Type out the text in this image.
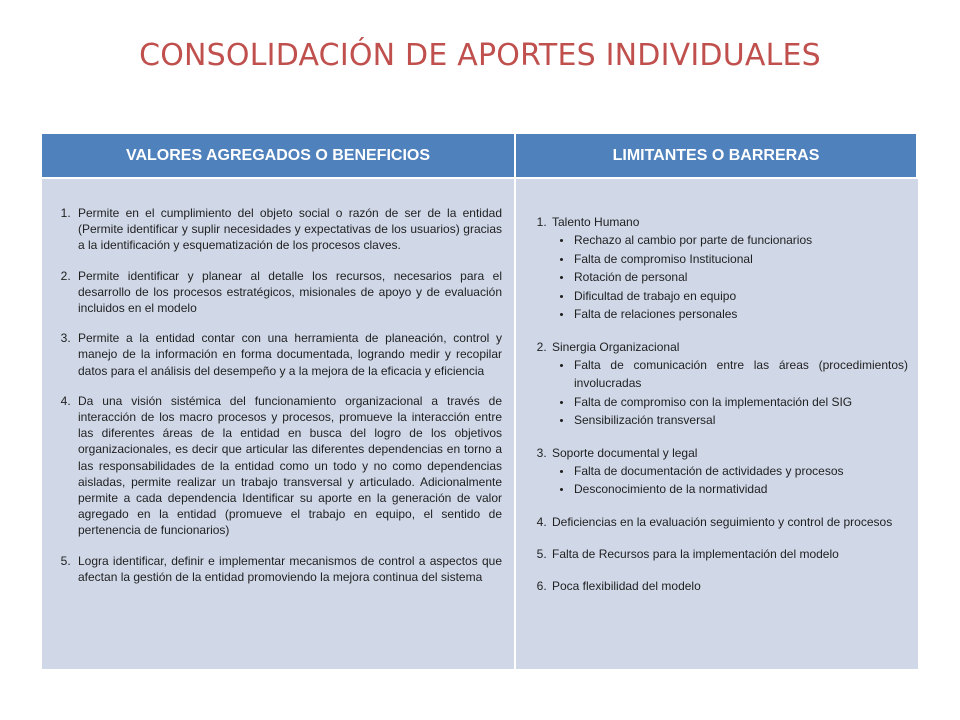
CONSOLIDACIÓN DE APORTES INDIVIDUALES
VALORES AGREGADOS O BENEFICIOS	LIMITANTES O BARRERAS
1. Permite en el cumplimiento del objeto social o razón de ser de la entidad (Permite identificar y suplir necesidades y expectativas de los usuarios) gracias a la identificación y esquematización de los procesos claves.
2. Permite identificar y planear al detalle los recursos, necesarios para el desarrollo de los procesos estratégicos, misionales de apoyo y de evaluación incluidos en el modelo
3. Permite a la entidad contar con una herramienta de planeación, control y manejo de la información en forma documentada, logrando medir y recopilar datos para el análisis del desempeño y a la mejora de la eficacia y eficiencia
4. Da una visión sistémica del funcionamiento organizacional a través de interacción de los macro procesos y procesos, promueve la interacción entre las diferentes áreas de la entidad en busca del logro de los objetivos organizacionales, es decir que articular las diferentes dependencias en torno a las responsabilidades de la entidad como un todo y no como dependencias aisladas, permite realizar un trabajo transversal y articulado. Adicionalmente permite a cada dependencia Identificar su aporte en la generación de valor agregado en la entidad (promueve el trabajo en equipo, el sentido de pertenencia de funcionarios)
5. Logra identificar, definir e implementar mecanismos de control a aspectos que afectan la gestión de la entidad promoviendo la mejora continua del sistema
1. Talento Humano
Rechazo al cambio por parte de funcionarios
Falta de compromiso Institucional
Rotación de personal
Dificultad de trabajo en equipo
Falta de relaciones personales
2. Sinergia Organizacional
Falta de comunicación entre las áreas (procedimientos) involucradas
Falta de compromiso con la implementación del SIG
Sensibilización transversal
3. Soporte documental y legal
Falta de documentación de actividades y procesos
Desconocimiento de la normatividad
4. Deficiencias en la evaluación seguimiento y control de procesos
5. Falta de Recursos para la implementación del modelo
6. Poca flexibilidad del modelo
